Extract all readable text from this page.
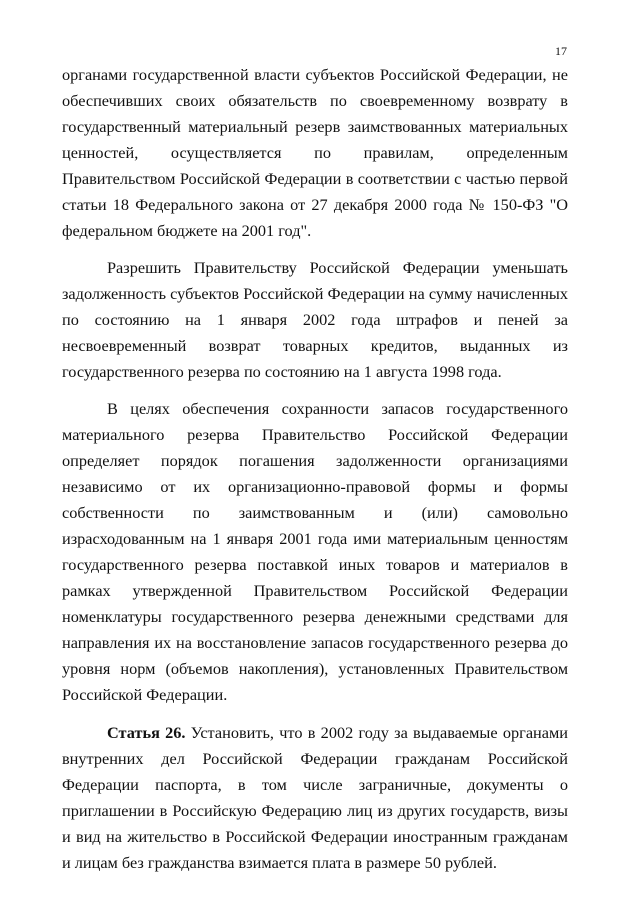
17

органами государственной власти субъектов Российской Федерации, не обеспечивших своих обязательств по своевременному возврату в государственный материальный резерв заимствованных материальных ценностей, осуществляется по правилам, определенным Правительством Российской Федерации в соответствии с частью первой статьи 18 Федерального закона от 27 декабря 2000 года № 150-ФЗ "О федеральном бюджете на 2001 год".

Разрешить Правительству Российской Федерации уменьшать задолженность субъектов Российской Федерации на сумму начисленных по состоянию на 1 января 2002 года штрафов и пеней за несвоевременный возврат товарных кредитов, выданных из государственного резерва по состоянию на 1 августа 1998 года.

В целях обеспечения сохранности запасов государственного материального резерва Правительство Российской Федерации определяет порядок погашения задолженности организациями независимо от их организационно-правовой формы и формы собственности по заимствованным и (или) самовольно израсходованным на 1 января 2001 года ими материальным ценностям государственного резерва поставкой иных товаров и материалов в рамках утвержденной Правительством Российской Федерации номенклатуры государственного резерва денежными средствами для направления их на восстановление запасов государственного резерва до уровня норм (объемов накопления), установленных Правительством Российской Федерации.

Статья 26. Установить, что в 2002 году за выдаваемые органами внутренних дел Российской Федерации гражданам Российской Федерации паспорта, в том числе заграничные, документы о приглашении в Российскую Федерацию лиц из других государств, визы и вид на жительство в Российской Федерации иностранным гражданам и лицам без гражданства взимается плата в размере 50 рублей.
